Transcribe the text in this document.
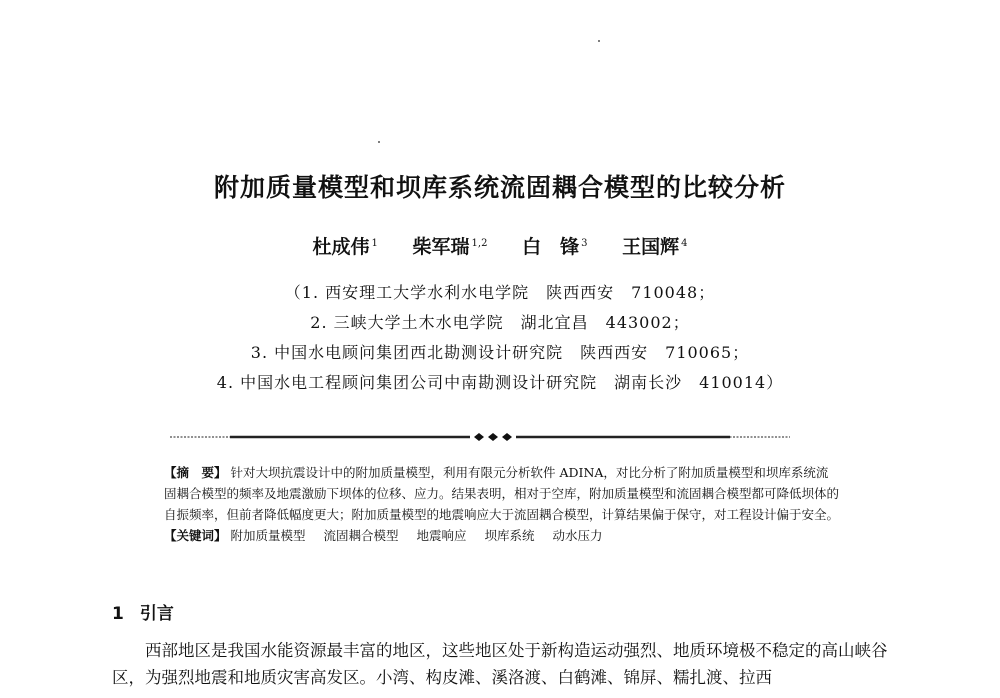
附加质量模型和坝库系统流固耦合模型的比较分析
杜成伟 $^1$ 柴军瑞 $^{1,2}$ 白　锋 $^3$ 王国辉 $^4$
（1. 西安理工大学水利水电学院　陕西西安　710048；
2. 三峡大学土木水电学院　湖北宜昌　443002；
3. 中国水电顾问集团西北勘测设计研究院　陕西西安　710065；
4. 中国水电工程顾问集团公司中南勘测设计研究院　湖南长沙　410014）
【摘　要】 针对大坝抗震设计中的附加质量模型，利用有限元分析软件 ADINA，对比分析了附加质量模型和坝库系统流固耦合模型的频率及地震激励下坝体的位移、应力。结果表明，相对于空库，附加质量模型和流固耦合模型都可降低坝体的自振频率，但前者降低幅度更大；附加质量模型的地震响应大于流固耦合模型，计算结果偏于保守，对工程设计偏于安全。
【关键词】 附加质量模型 流固耦合模型 地震响应 坝库系统 动水压力
1 引言
西部地区是我国水能资源最丰富的地区，这些地区处于新构造运动强烈、地质环境极不稳定的高山峡谷区，为强烈地震和地质灾害高发区。小湾、构皮滩、溪洛渡、白鹤滩、锦屏、糯扎渡、拉西
